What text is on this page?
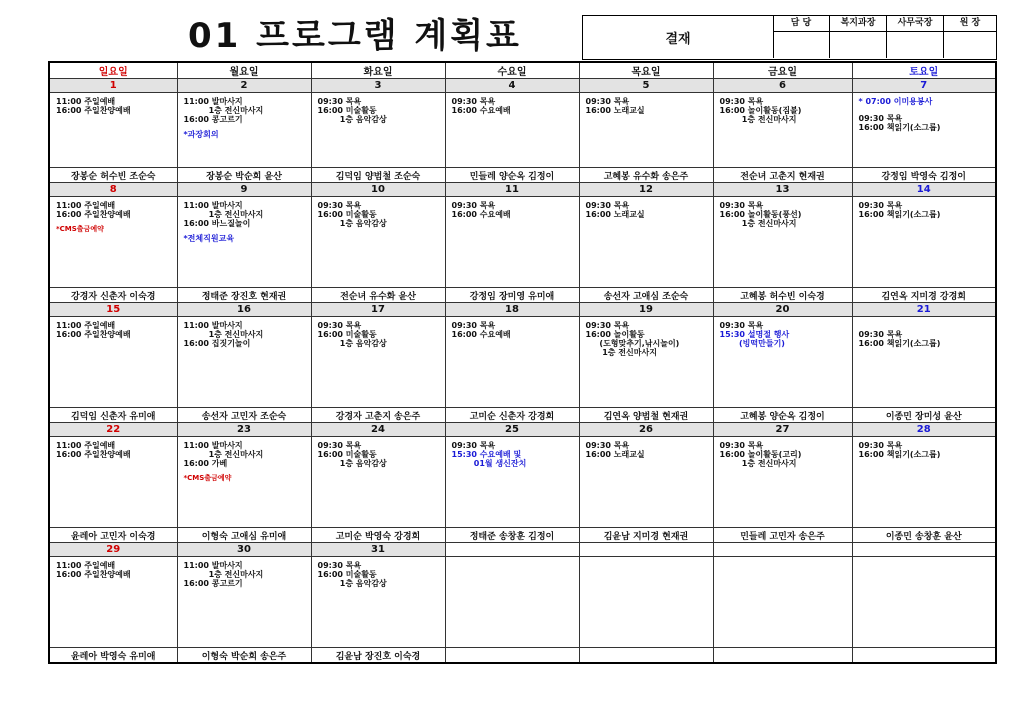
01 프로그램 계획표	결재
담 당	복지과장	사무국장	원 장
일요일	월요일	화요일	수요일	목요일	금요일	토요일
1	2	3	4	5	6	7

11:00 주일예배
16:00 주일찬양예배	11:00 발마사지
1층 전신마사지
16:00 콩고르기
*과장회의	09:30 목욕
16:00 미술활동
1층 음악감상	09:30 목욕
16:00 수요예배	09:30 목욕
16:00 노래교실	09:30 목욕
16:00 놀이활동(짐볼)
1층 전신마사지	* 07:00 이미용봉사
09:30 목욕
16:00 책읽기(소그룹)

장봉순 허수빈 조순숙	장봉순 박순희 윤산	김덕임 양범철 조순숙	민들레 양순옥 김정이	고혜봉 유수화 송은주	전순녀 고춘지 현재권	강정임 박영숙 김정이
8	9	10	11	12	13	14

11:00 주일예배
16:00 주일찬양예배
*CMS출금예약	11:00 발마사지
1층 전신마사지
16:00 바느질놀이
*전체직원교육	09:30 목욕
16:00 미술활동
1층 음악감상	09:30 목욕
16:00 수요예배	09:30 목욕
16:00 노래교실	09:30 목욕
16:00 놀이활동(풍선)
1층 전신마사지	09:30 목욕
16:00 책읽기(소그룹)

강경자 신춘자 이숙경	정태준 장진호 현재권	전순녀 유수화 윤산	강정임 장미영 유미애	송선자 고애심 조순숙	고혜봉 허수빈 이숙경	김연옥 지미경 강경희
15	16	17	18	19	20	21

11:00 주일예배
16:00 주일찬양예배	11:00 발마사지
1층 전신마사지
16:00 집짓기놀이	09:30 목욕
16:00 미술활동
1층 음악감상	09:30 목욕
16:00 수요예배	09:30 목욕
16:00 놀이활동
(도형맞추기,낚시놀이)
1층 전신마사지	09:30 목욕
15:30 설명절 행사
(빙떡만들기)	09:30 목욕
16:00 책읽기(소그룹)

김덕임 신춘자 유미애	송선자 고민자 조순숙	강경자 고춘지 송은주	고미순 신춘자 강경희	김연옥 양범철 현재권	고혜봉 양순옥 김정이	이종민 장미성 윤산
22	23	24	25	26	27	28

11:00 주일예배
16:00 주일찬양예배	11:00 발마사지
1층 전신마사지
16:00 가베
*CMS출금예약	09:30 목욕
16:00 미술활동
1층 음악감상	09:30 목욕
15:30 수요예배 및
01월 생신잔치	09:30 목욕
16:00 노래교실	09:30 목욕
16:00 놀이활동(고리)
1층 전신마사지	09:30 목욕
16:00 책읽기(소그룹)

윤레아 고민자 이숙경	이형숙 고애심 유미애	고미순 박영숙 강경희	정태준 송창훈 김정이	김윤남 지미경 현재권	민들레 고민자 송은주	이종민 송창훈 윤산
29	30	31				

11:00 주일예배
16:00 주일찬양예배	11:00 발마사지
1층 전신마사지
16:00 콩고르기	09:30 목욕
16:00 미술활동
1층 음악감상				

윤레아 박영숙 유미애	이형숙 박순희 송은주	김윤남 장진호 이숙경				
